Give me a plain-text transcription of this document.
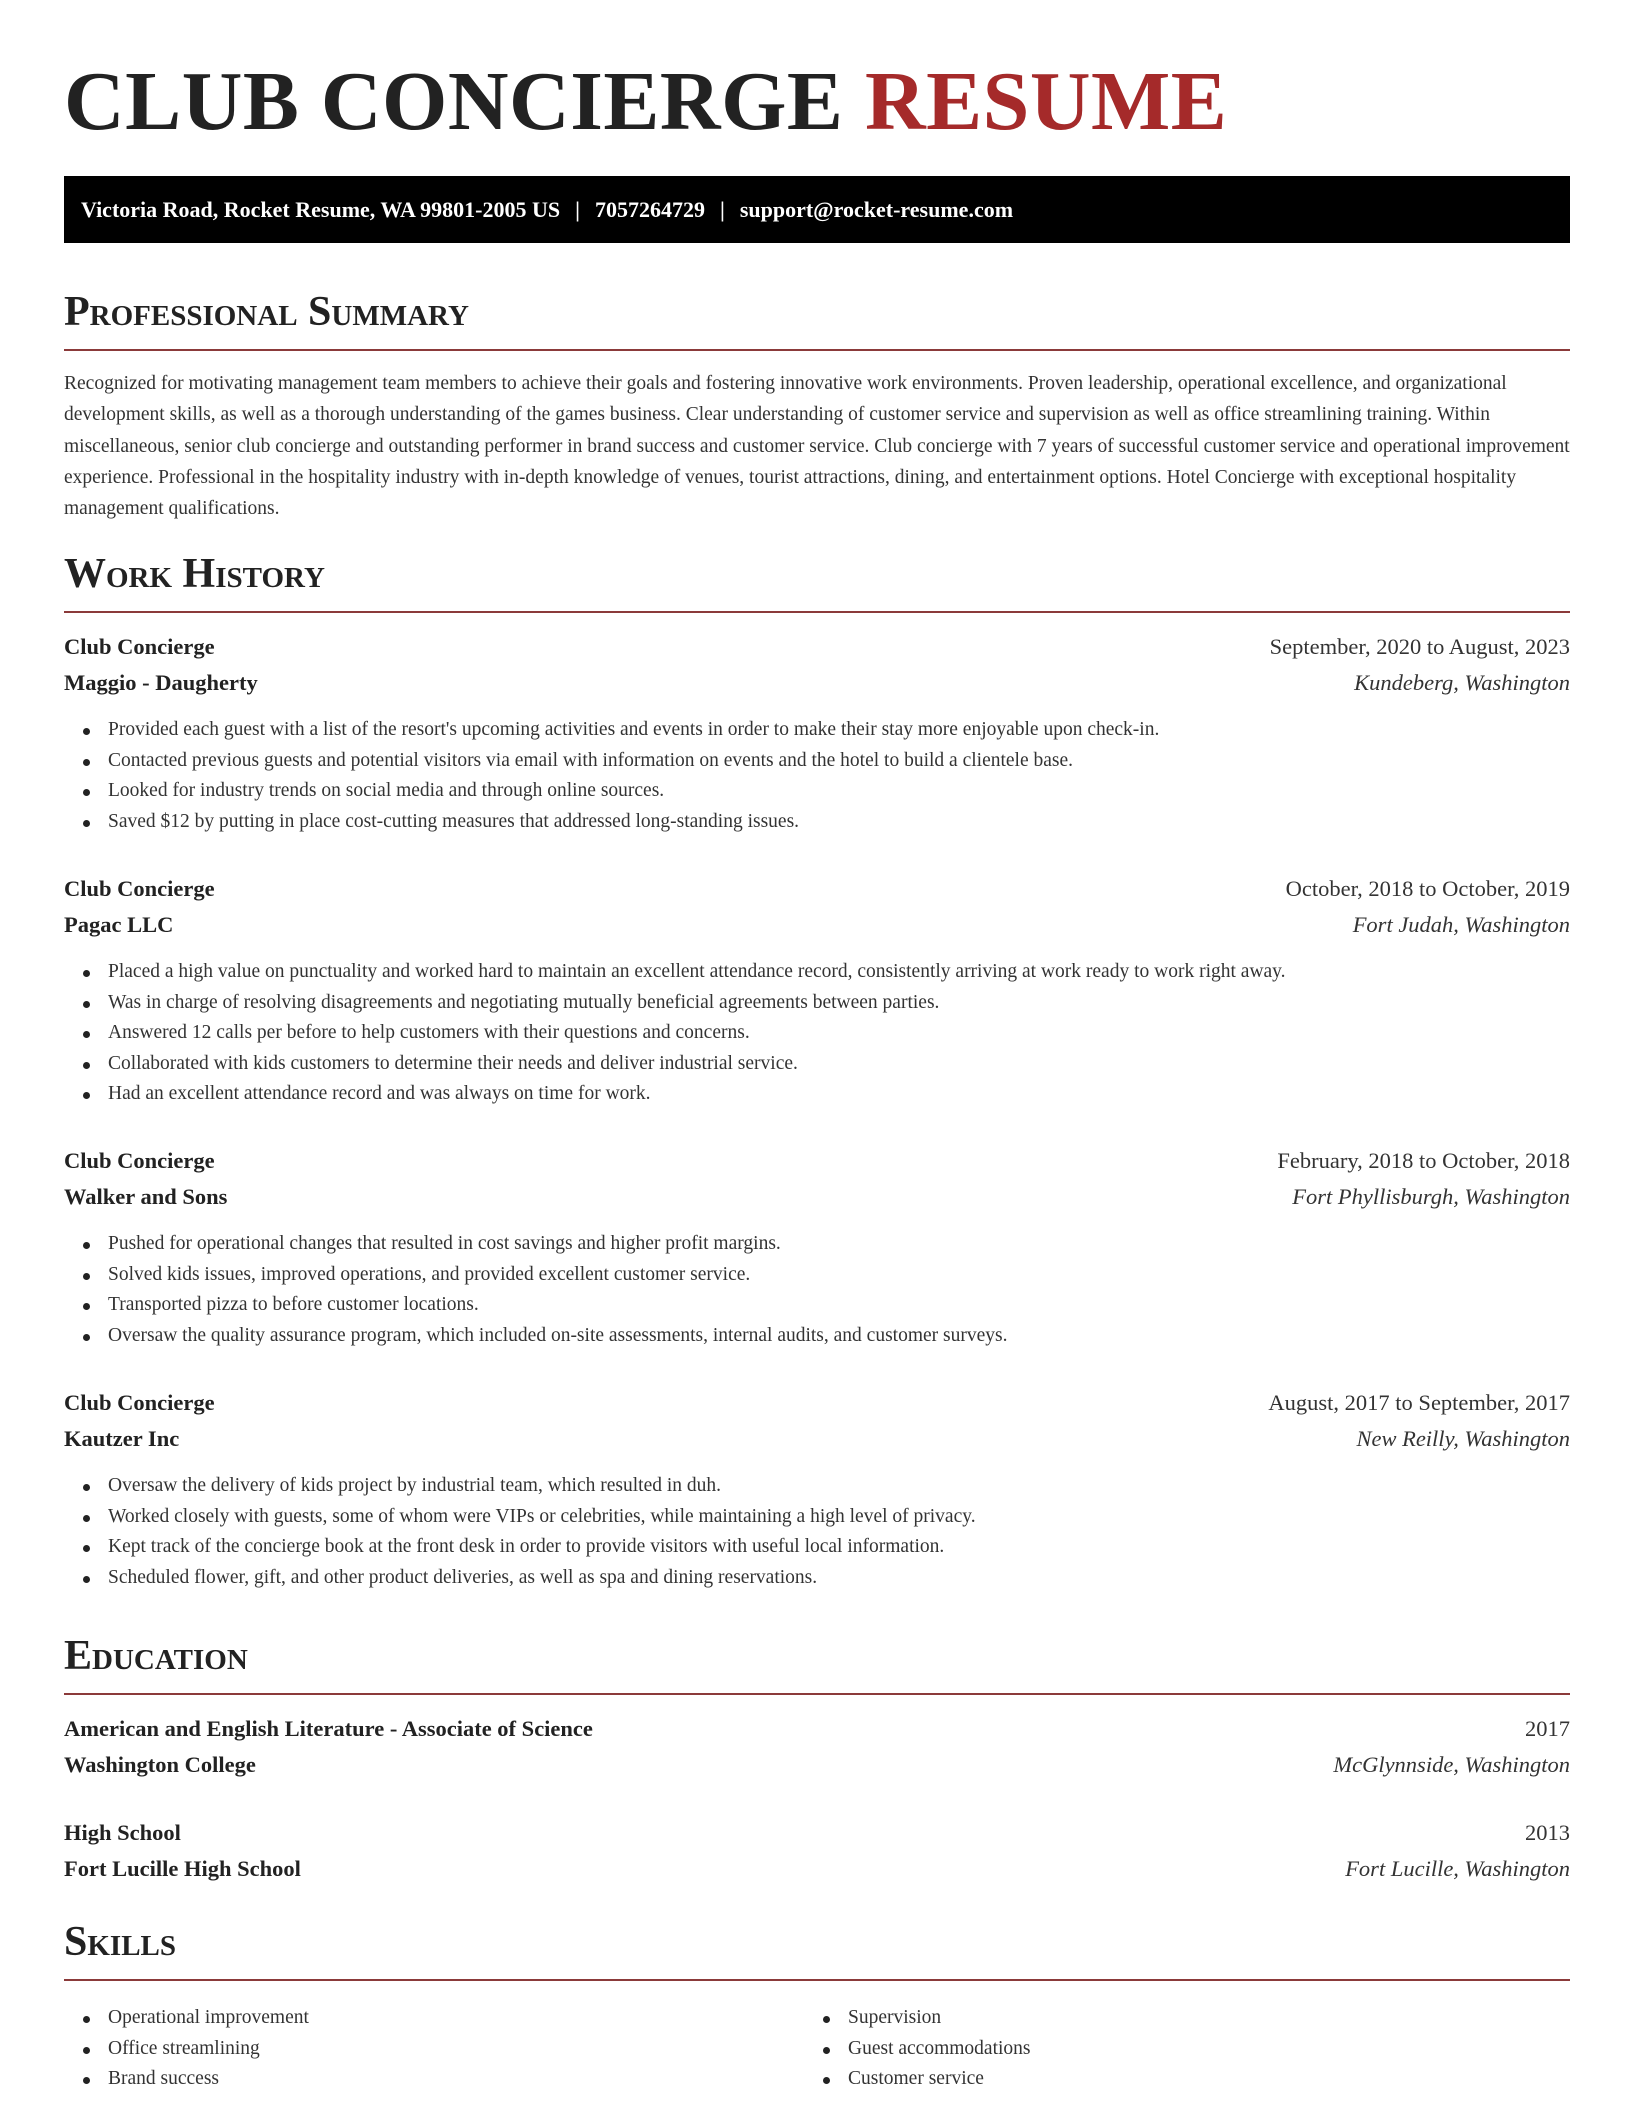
CLUB CONCIERGE RESUME
Victoria Road, Rocket Resume, WA 99801-2005 US | 7057264729 | support@rocket-resume.com
Professional Summary

Recognized for motivating management team members to achieve their goals and fostering innovative work environments. Proven leadership, operational excellence, and organizational development skills, as well as a thorough understanding of the games business. Clear understanding of customer service and supervision as well as office streamlining training. Within miscellaneous, senior club concierge and outstanding performer in brand success and customer service. Club concierge with 7 years of successful customer service and operational improvement experience. Professional in the hospitality industry with in-depth knowledge of venues, tourist attractions, dining, and entertainment options. Hotel Concierge with exceptional hospitality management qualifications.

Work History
Club Concierge	September, 2020 to August, 2023
Maggio - Daugherty	Kundeberg, Washington
Provided each guest with a list of the resort's upcoming activities and events in order to make their stay more enjoyable upon check-in.
Contacted previous guests and potential visitors via email with information on events and the hotel to build a clientele base.
Looked for industry trends on social media and through online sources.
Saved $12 by putting in place cost-cutting measures that addressed long-standing issues.
Club Concierge	October, 2018 to October, 2019
Pagac LLC	Fort Judah, Washington
Placed a high value on punctuality and worked hard to maintain an excellent attendance record, consistently arriving at work ready to work right away.
Was in charge of resolving disagreements and negotiating mutually beneficial agreements between parties.
Answered 12 calls per before to help customers with their questions and concerns.
Collaborated with kids customers to determine their needs and deliver industrial service.
Had an excellent attendance record and was always on time for work.
Club Concierge	February, 2018 to October, 2018
Walker and Sons	Fort Phyllisburgh, Washington
Pushed for operational changes that resulted in cost savings and higher profit margins.
Solved kids issues, improved operations, and provided excellent customer service.
Transported pizza to before customer locations.
Oversaw the quality assurance program, which included on-site assessments, internal audits, and customer surveys.
Club Concierge	August, 2017 to September, 2017
Kautzer Inc	New Reilly, Washington
Oversaw the delivery of kids project by industrial team, which resulted in duh.
Worked closely with guests, some of whom were VIPs or celebrities, while maintaining a high level of privacy.
Kept track of the concierge book at the front desk in order to provide visitors with useful local information.
Scheduled flower, gift, and other product deliveries, as well as spa and dining reservations.
Education
American and English Literature - Associate of Science	2017
Washington College	McGlynnside, Washington
High School	2013
Fort Lucille High School	Fort Lucille, Washington
Skills
Operational improvement
Office streamlining
Brand success
Supervision
Guest accommodations
Customer service
